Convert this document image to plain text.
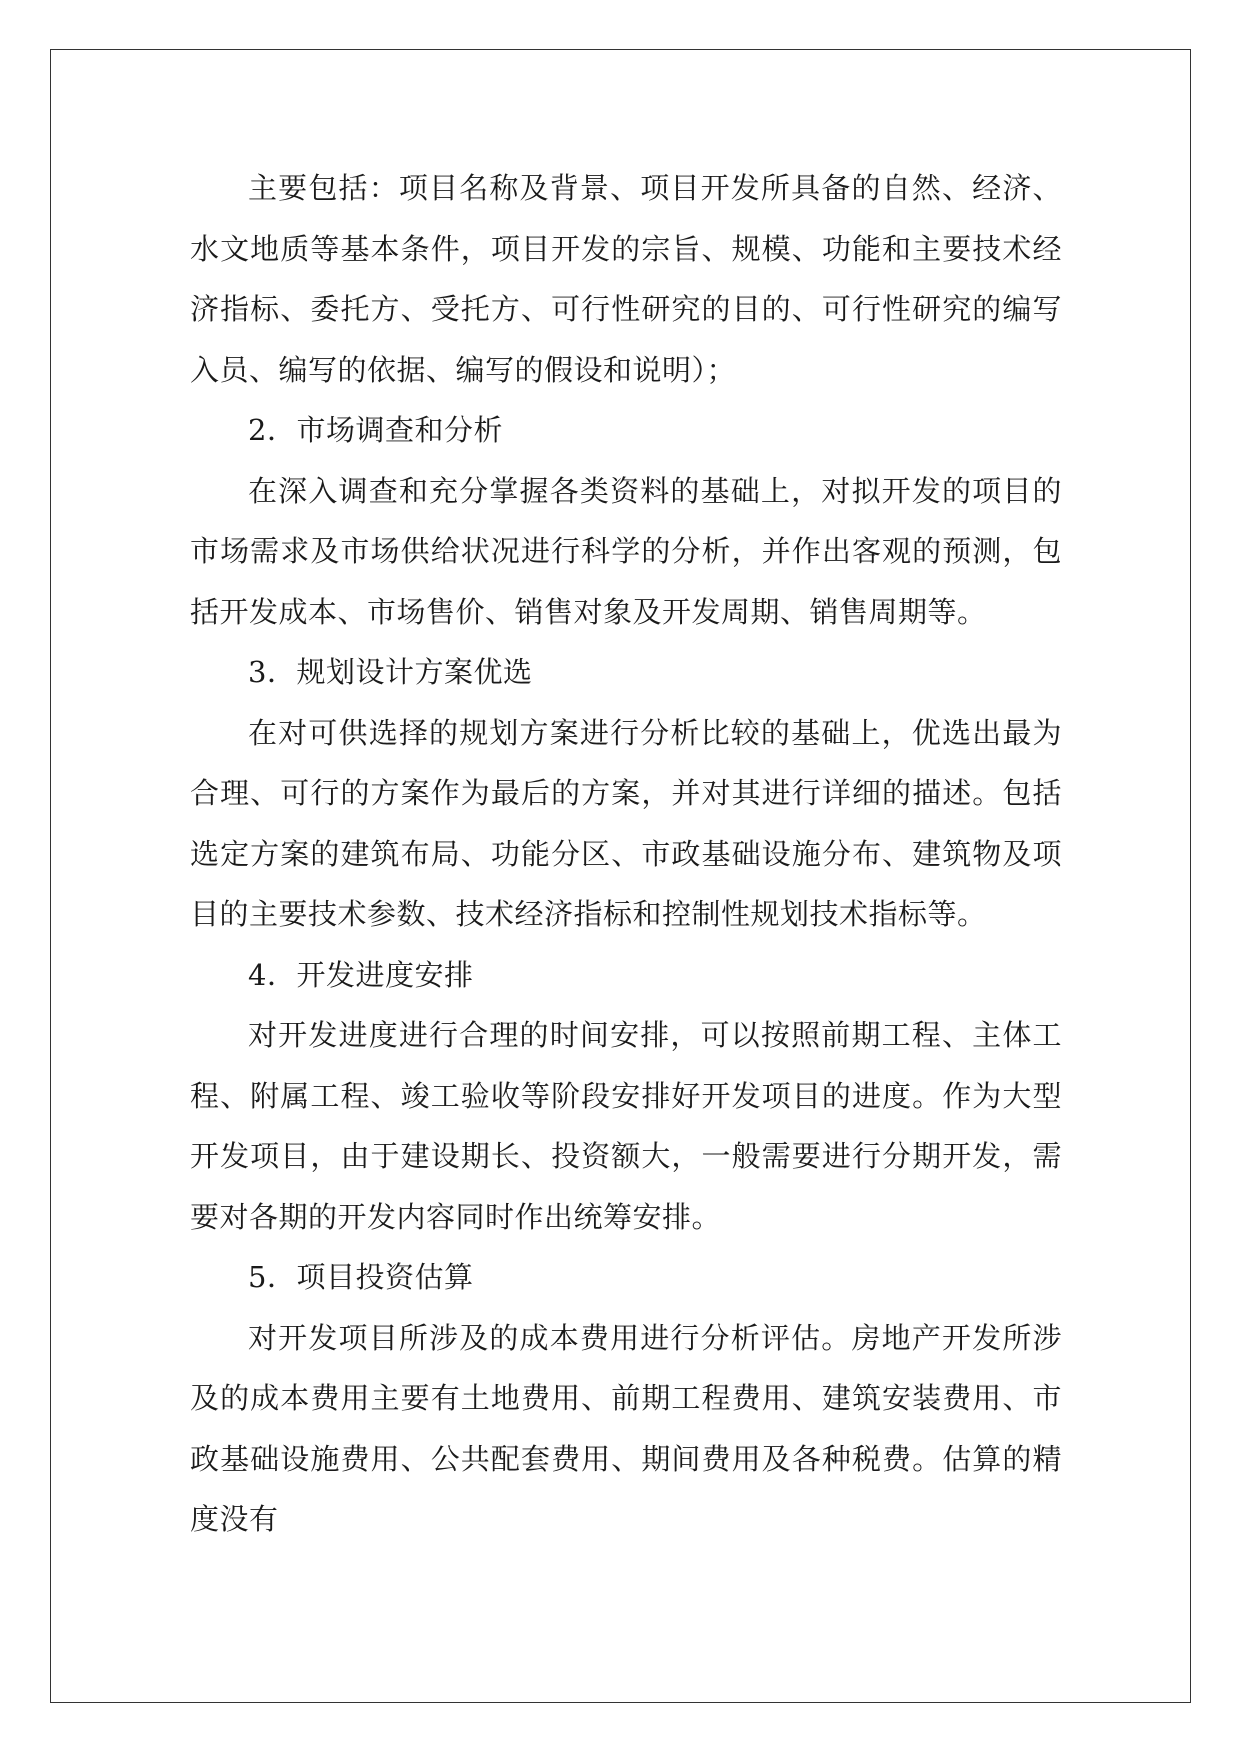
主要包括：项目名称及背景、项目开发所具备的自然、经济、水文地质等基本条件，项目开发的宗旨、规模、功能和主要技术经济指标、委托方、受托方、可行性研究的目的、可行性研究的编写入员、编写的依据、编写的假设和说明）；

2．市场调查和分析

在深入调查和充分掌握各类资料的基础上，对拟开发的项目的市场需求及市场供给状况进行科学的分析，并作出客观的预测，包括开发成本、市场售价、销售对象及开发周期、销售周期等。

3．规划设计方案优选

在对可供选择的规划方案进行分析比较的基础上，优选出最为合理、可行的方案作为最后的方案，并对其进行详细的描述。包括选定方案的建筑布局、功能分区、市政基础设施分布、建筑物及项目的主要技术参数、技术经济指标和控制性规划技术指标等。

4．开发进度安排

对开发进度进行合理的时间安排，可以按照前期工程、主体工程、附属工程、竣工验收等阶段安排好开发项目的进度。作为大型开发项目，由于建设期长、投资额大，一般需要进行分期开发，需要对各期的开发内容同时作出统筹安排。

5．项目投资估算

对开发项目所涉及的成本费用进行分析评估。房地产开发所涉及的成本费用主要有土地费用、前期工程费用、建筑安装费用、市政基础设施费用、公共配套费用、期间费用及各种税费。估算的精度没有
